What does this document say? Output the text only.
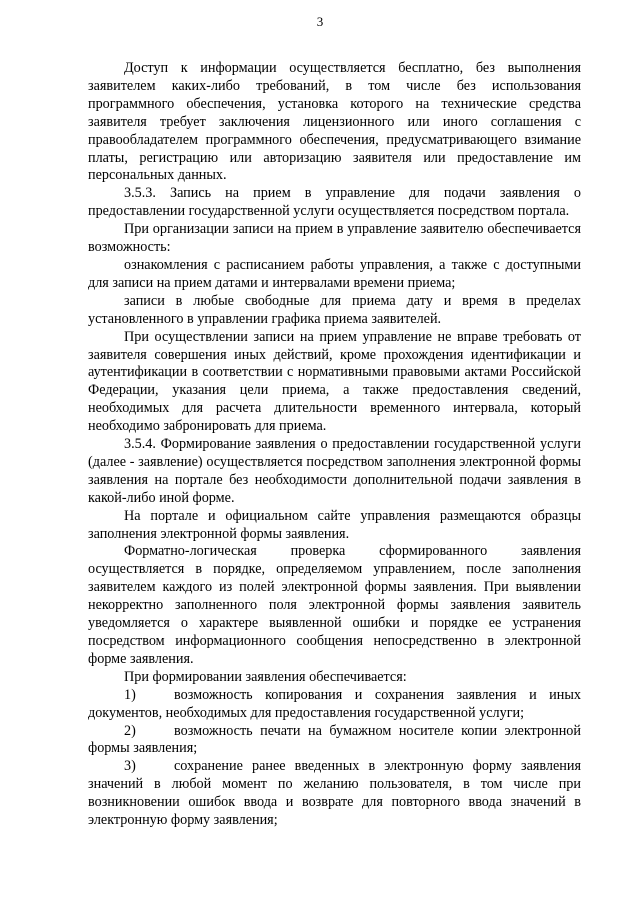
3

Доступ к информации осуществляется бесплатно, без выполнения заявителем каких-либо требований, в том числе без использования программного обеспечения, установка которого на технические средства заявителя требует заключения лицензионного или иного соглашения с правообладателем программного обеспечения, предусматривающего взимание платы, регистрацию или авторизацию заявителя или предоставление им персональных данных.

3.5.3. Запись на прием в управление для подачи заявления о предоставлении государственной услуги осуществляется посредством портала.

При организации записи на прием в управление заявителю обеспечивается возможность:

ознакомления с расписанием работы управления, а также с доступными для записи на прием датами и интервалами времени приема;

записи в любые свободные для приема дату и время в пределах установленного в управлении графика приема заявителей.

При осуществлении записи на прием управление не вправе требовать от заявителя совершения иных действий, кроме прохождения идентификации и аутентификации в соответствии с нормативными правовыми актами Российской Федерации, указания цели приема, а также предоставления сведений, необходимых для расчета длительности временного интервала, который необходимо забронировать для приема.

3.5.4. Формирование заявления о предоставлении государственной услуги (далее - заявление) осуществляется посредством заполнения электронной формы заявления на портале без необходимости дополнительной подачи заявления в какой-либо иной форме.

На портале и официальном сайте управления размещаются образцы заполнения электронной формы заявления.

Форматно-логическая проверка сформированного заявления осуществляется в порядке, определяемом управлением, после заполнения заявителем каждого из полей электронной формы заявления. При выявлении некорректно заполненного поля электронной формы заявления заявитель уведомляется о характере выявленной ошибки и порядке ее устранения посредством информационного сообщения непосредственно в электронной форме заявления.

При формировании заявления обеспечивается:

1)	возможность копирования и сохранения заявления и иных документов, необходимых для предоставления государственной услуги;

2)	возможность печати на бумажном носителе копии электронной формы заявления;

3)	сохранение ранее введенных в электронную форму заявления значений в любой момент по желанию пользователя, в том числе при возникновении ошибок ввода и возврате для повторного ввода значений в электронную форму заявления;
